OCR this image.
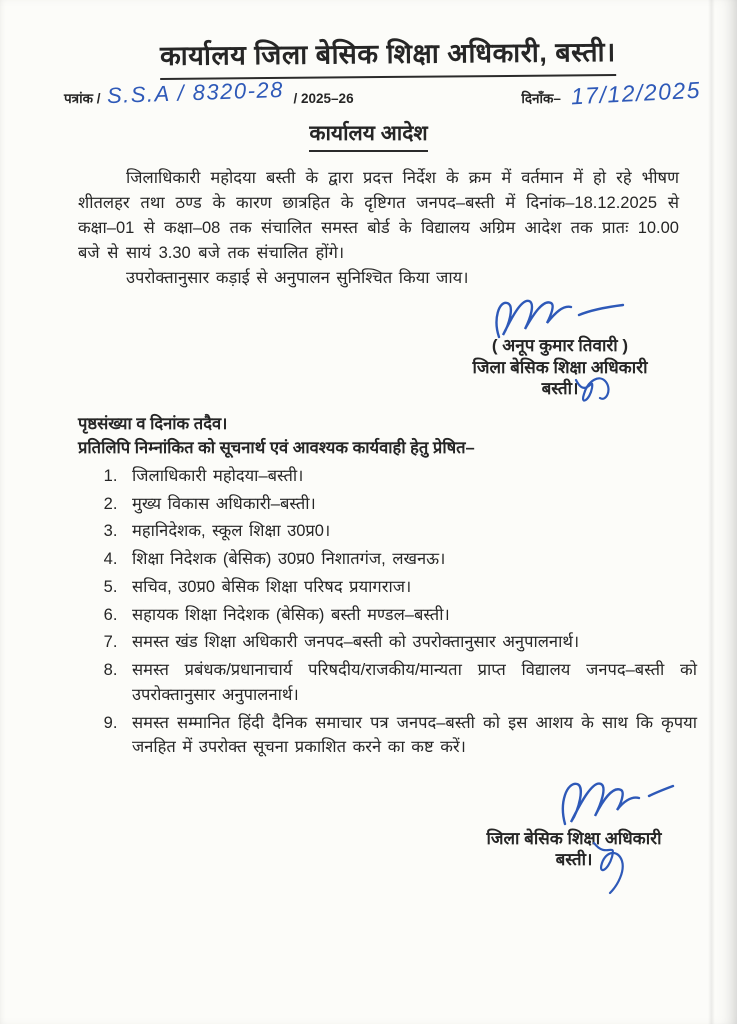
कार्यालय जिला बेसिक शिक्षा अधिकारी, बस्ती।
पत्रांक / S.S.A / 8320-28 / 2025–26	दिनाँक– 17/12/2025
कार्यालय आदेश

जिलाधिकारी महोदया बस्ती के द्वारा प्रदत्त निर्देश के क्रम में वर्तमान में हो रहे भीषण शीतलहर तथा ठण्ड के कारण छात्रहित के दृष्टिगत जनपद–बस्ती में दिनांक–18.12.2025 से कक्षा–01 से कक्षा–08 तक संचालित समस्त बोर्ड के विद्यालय अग्रिम आदेश तक प्रातः 10.00 बजे से सायं 3.30 बजे तक संचालित होंगे।

उपरोक्तानुसार कड़ाई से अनुपालन सुनिश्चित किया जाय।

( अनूप कुमार तिवारी )
जिला बेसिक शिक्षा अधिकारी
बस्ती।

पृष्ठसंख्या व दिनांक तदैव।

प्रतिलिपि निम्नांकित को सूचनार्थ एवं आवश्यक कार्यवाही हेतु प्रेषित–

1. जिलाधिकारी महोदया–बस्ती।
2. मुख्य विकास अधिकारी–बस्ती।
3. महानिदेशक, स्कूल शिक्षा उ0प्र0।
4. शिक्षा निदेशक (बेसिक) उ0प्र0 निशातगंज, लखनऊ।
5. सचिव, उ0प्र0 बेसिक शिक्षा परिषद प्रयागराज।
6. सहायक शिक्षा निदेशक (बेसिक) बस्ती मण्डल–बस्ती।
7. समस्त खंड शिक्षा अधिकारी जनपद–बस्ती को उपरोक्तानुसार अनुपालनार्थ।
8. समस्त प्रबंधक/प्रधानाचार्य परिषदीय/राजकीय/मान्यता प्राप्त विद्यालय जनपद–बस्ती को उपरोक्तानुसार अनुपालनार्थ।
9. समस्त सम्मानित हिंदी दैनिक समाचार पत्र जनपद–बस्ती को इस आशय के साथ कि कृपया जनहित में उपरोक्त सूचना प्रकाशित करने का कष्ट करें।
जिला बेसिक शिक्षा अधिकारी
बस्ती।
